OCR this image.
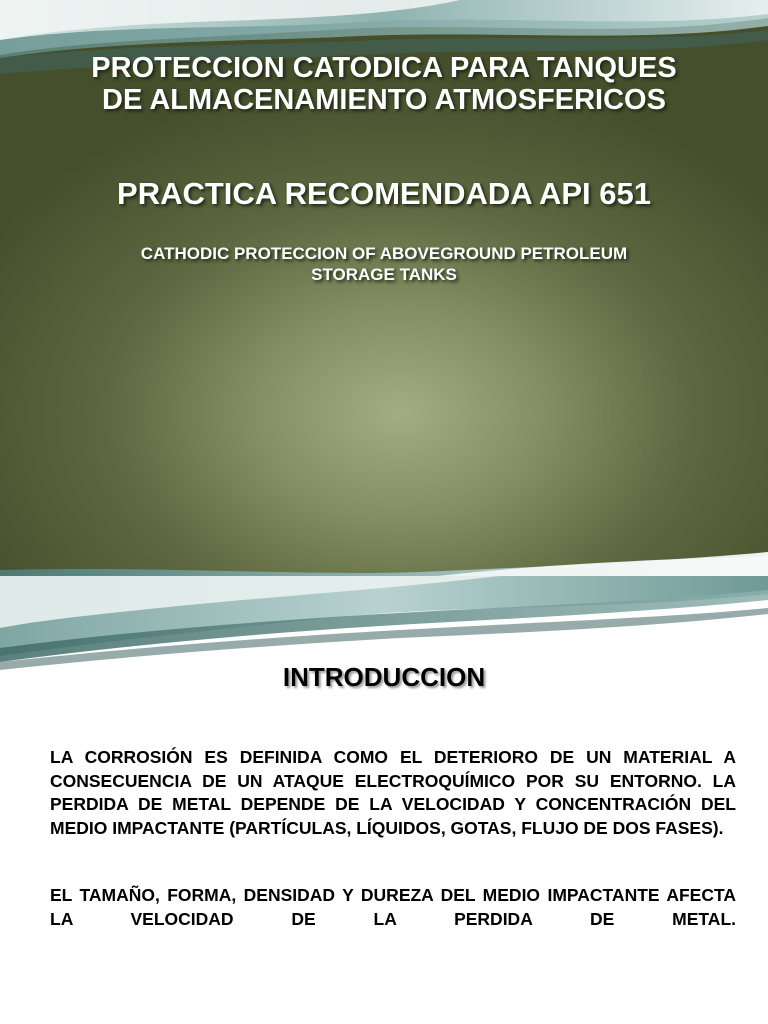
PROTECCION CATODICA PARA TANQUES
DE ALMACENAMIENTO ATMOSFERICOS
PRACTICA RECOMENDADA API 651
CATHODIC PROTECCION OF ABOVEGROUND PETROLEUM
STORAGE TANKS
INTRODUCCION

LA CORROSIÓN ES DEFINIDA COMO EL DETERIORO DE UN MATERIAL A CONSECUENCIA DE UN ATAQUE ELECTROQUÍMICO POR SU ENTORNO. LA PERDIDA DE METAL DEPENDE DE LA VELOCIDAD Y CONCENTRACIÓN DEL MEDIO IMPACTANTE (PARTÍCULAS, LÍQUIDOS, GOTAS, FLUJO DE DOS FASES).

EL TAMAÑO, FORMA, DENSIDAD Y DUREZA DEL MEDIO IMPACTANTE AFECTA LA VELOCIDAD DE LA PERDIDA DE METAL.
